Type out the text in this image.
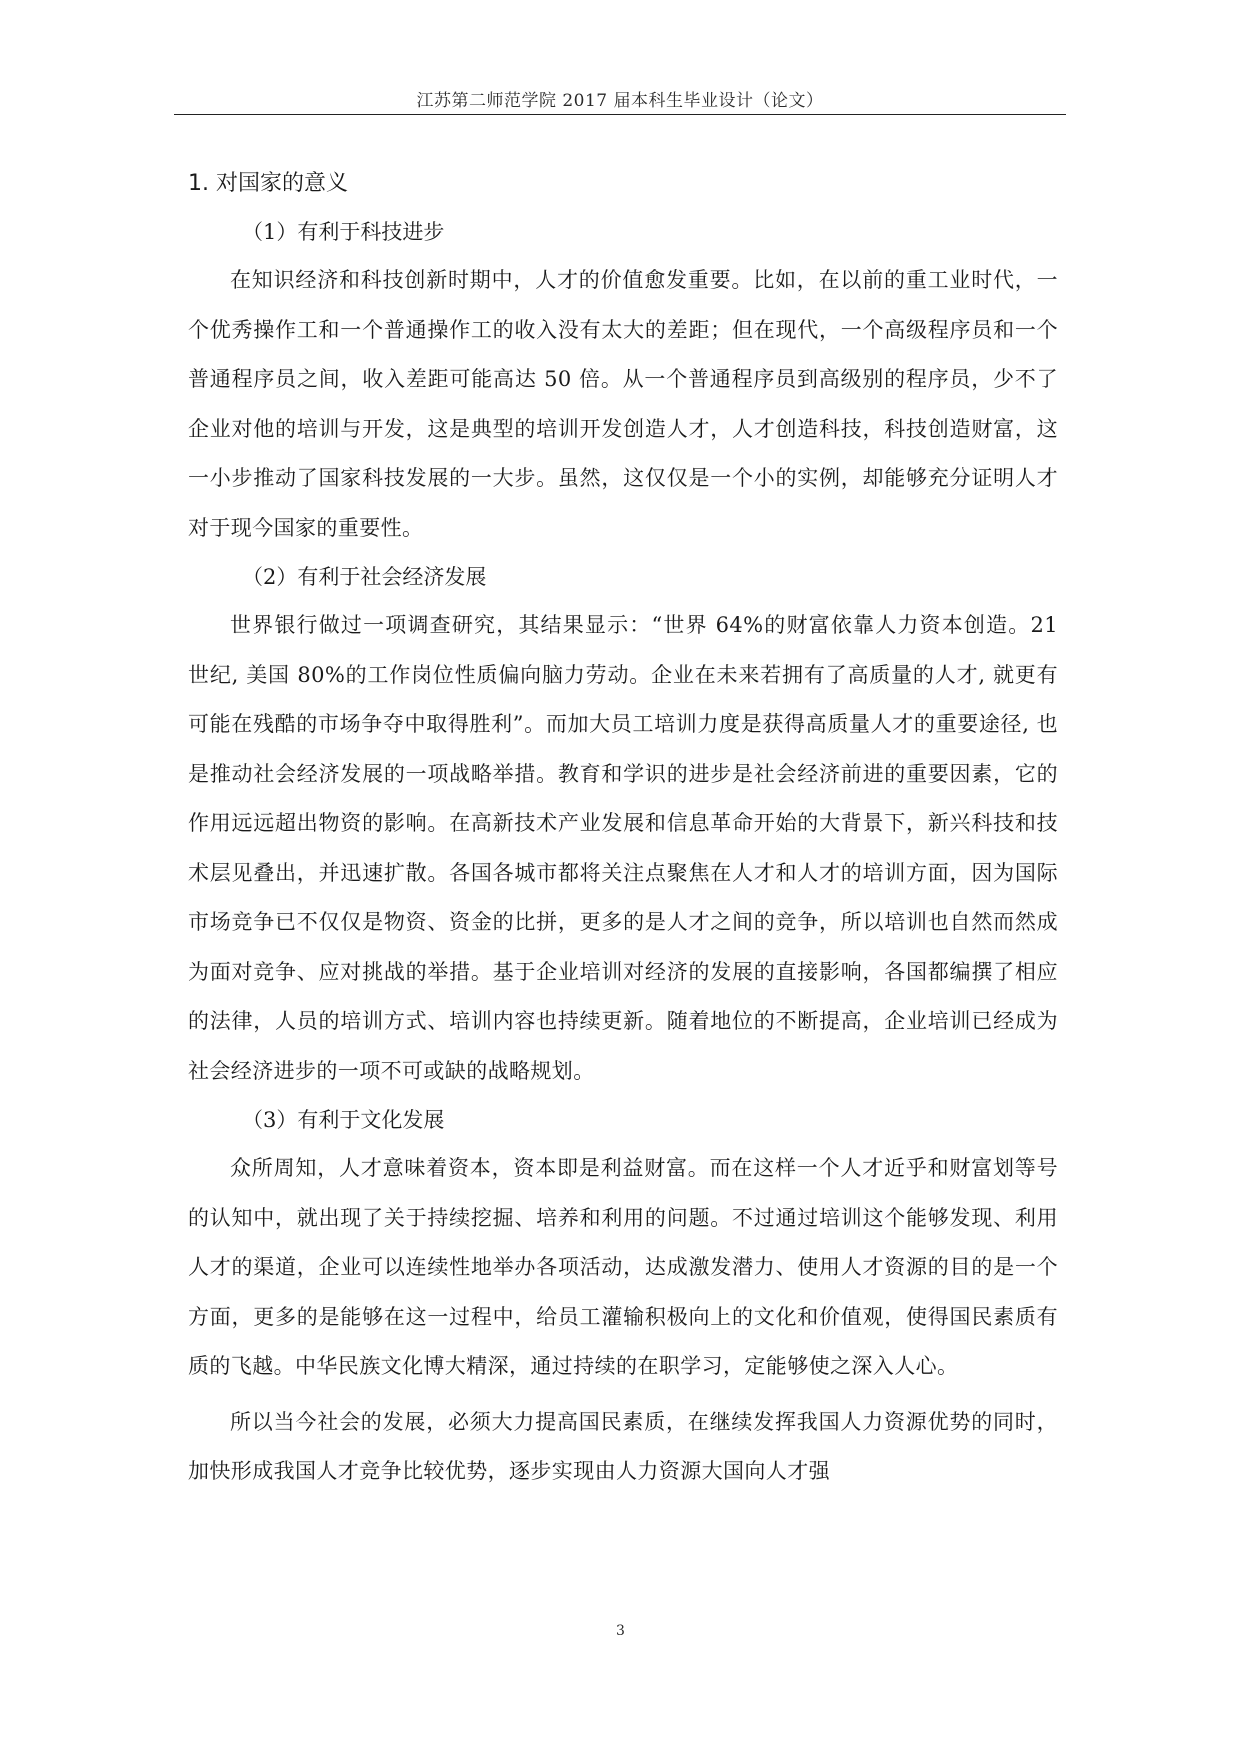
江苏第二师范学院 2017 届本科生毕业设计（论文）

1. 对国家的意义

（1）有利于科技进步

在知识经济和科技创新时期中，人才的价值愈发重要。比如，在以前的重工业时代，一个优秀操作工和一个普通操作工的收入没有太大的差距；但在现代，一个高级程序员和一个普通程序员之间，收入差距可能高达 50 倍。从一个普通程序员到高级别的程序员，少不了企业对他的培训与开发，这是典型的培训开发创造人才，人才创造科技，科技创造财富，这一小步推动了国家科技发展的一大步。虽然，这仅仅是一个小的实例，却能够充分证明人才对于现今国家的重要性。

（2）有利于社会经济发展

世界银行做过一项调查研究，其结果显示：“世界 64%的财富依靠人力资本创造。21 世纪, 美国 80%的工作岗位性质偏向脑力劳动。企业在未来若拥有了高质量的人才, 就更有可能在残酷的市场争夺中取得胜利”。而加大员工培训力度是获得高质量人才的重要途径, 也是推动社会经济发展的一项战略举措。教育和学识的进步是社会经济前进的重要因素，它的作用远远超出物资的影响。在高新技术产业发展和信息革命开始的大背景下，新兴科技和技术层见叠出，并迅速扩散。各国各城市都将关注点聚焦在人才和人才的培训方面，因为国际市场竞争已不仅仅是物资、资金的比拼，更多的是人才之间的竞争，所以培训也自然而然成为面对竞争、应对挑战的举措。基于企业培训对经济的发展的直接影响，各国都编撰了相应的法律，人员的培训方式、培训内容也持续更新。随着地位的不断提高，企业培训已经成为社会经济进步的一项不可或缺的战略规划。

（3）有利于文化发展

众所周知，人才意味着资本，资本即是利益财富。而在这样一个人才近乎和财富划等号的认知中，就出现了关于持续挖掘、培养和利用的问题。不过通过培训这个能够发现、利用人才的渠道，企业可以连续性地举办各项活动，达成激发潜力、使用人才资源的目的是一个方面，更多的是能够在这一过程中，给员工灌输积极向上的文化和价值观，使得国民素质有质的飞越。中华民族文化博大精深，通过持续的在职学习，定能够使之深入人心。

所以当今社会的发展，必须大力提高国民素质，在继续发挥我国人力资源优势的同时，加快形成我国人才竞争比较优势，逐步实现由人力资源大国向人才强

3
